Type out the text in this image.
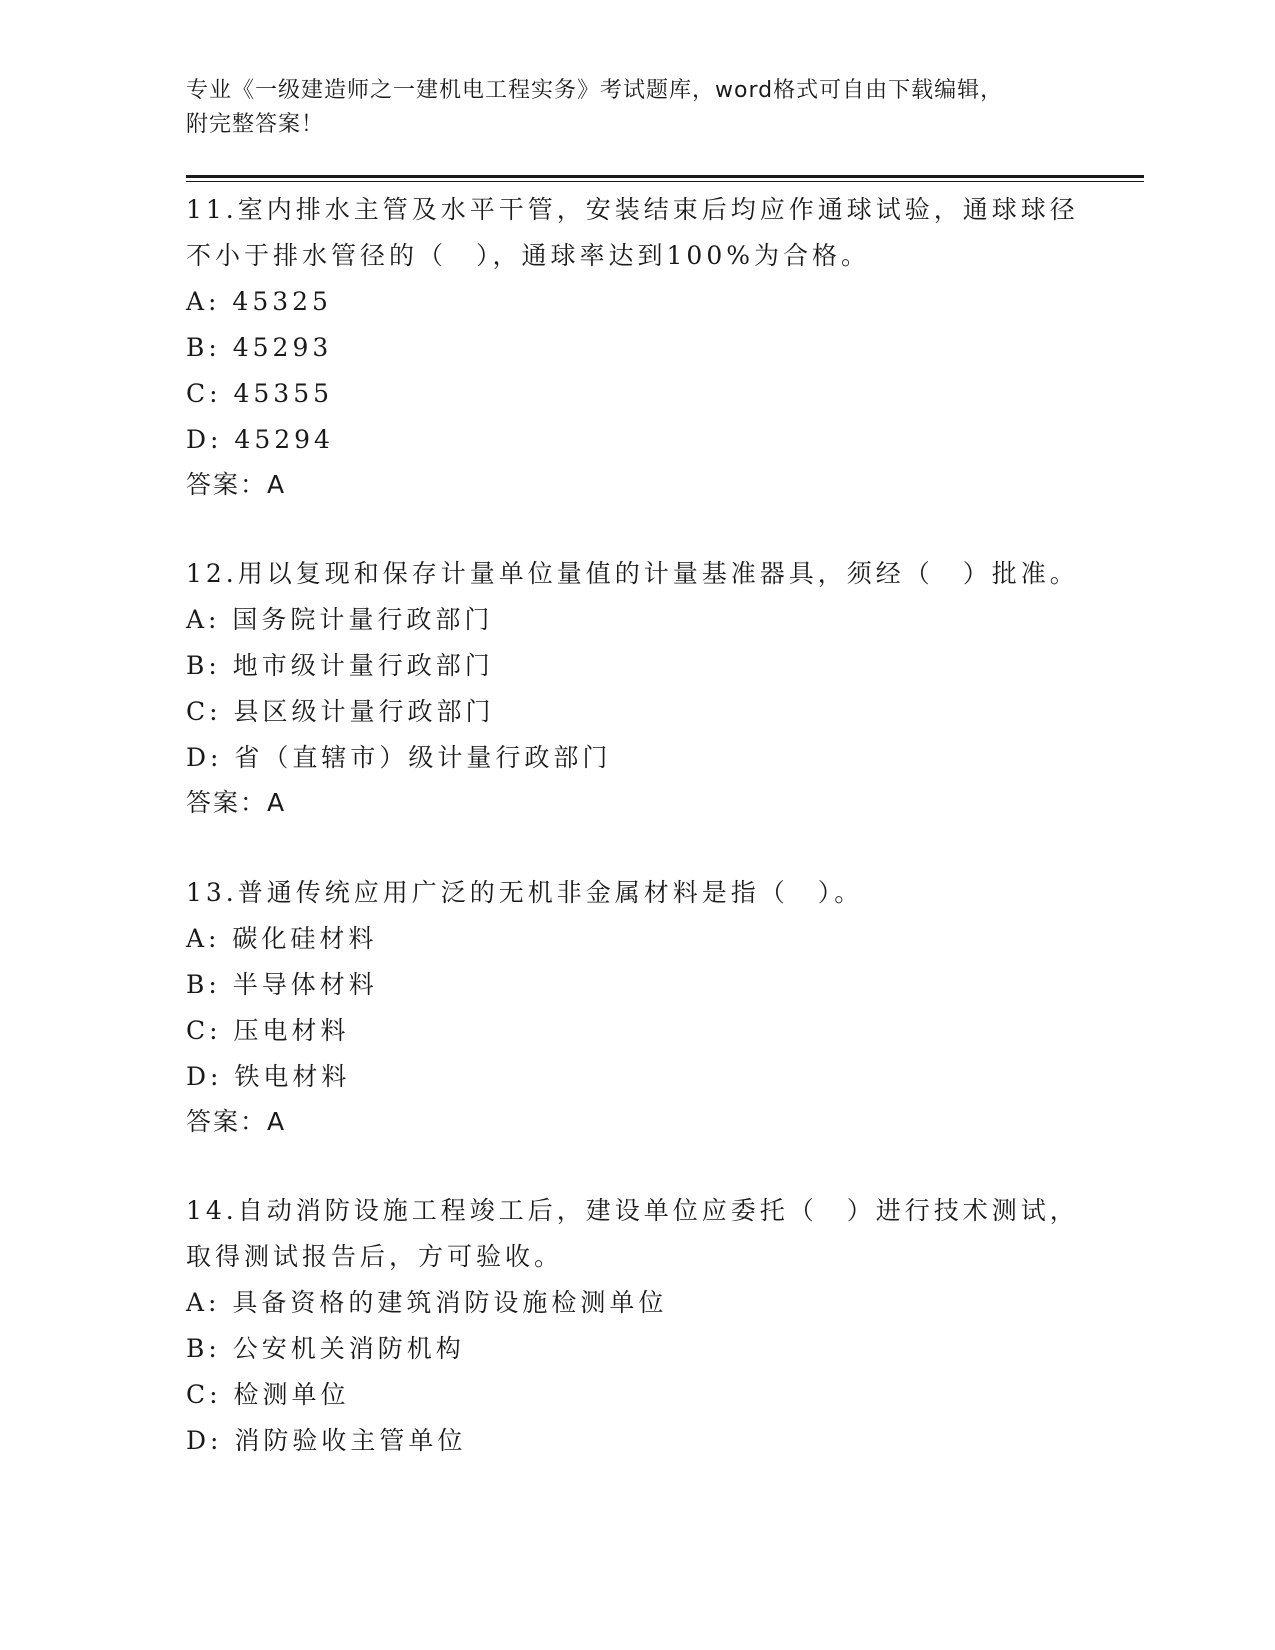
专业《一级建造师之一建机电工程实务》考试题库，word格式可自由下载编辑，
附完整答案！
11.室内排水主管及水平干管，安装结束后均应作通球试验，通球球径不小于排水管径的（　），通球率达到100%为合格。
A: 45325
B: 45293
C: 45355
D: 45294
答案：A
12.用以复现和保存计量单位量值的计量基准器具，须经（　）批准。
A: 国务院计量行政部门
B: 地市级计量行政部门
C: 县区级计量行政部门
D: 省（直辖市）级计量行政部门
答案：A
13.普通传统应用广泛的无机非金属材料是指（　）。
A: 碳化硅材料
B: 半导体材料
C: 压电材料
D: 铁电材料
答案：A
14.自动消防设施工程竣工后，建设单位应委托（　）进行技术测试，取得测试报告后，方可验收。
A: 具备资格的建筑消防设施检测单位
B: 公安机关消防机构
C: 检测单位
D: 消防验收主管单位
